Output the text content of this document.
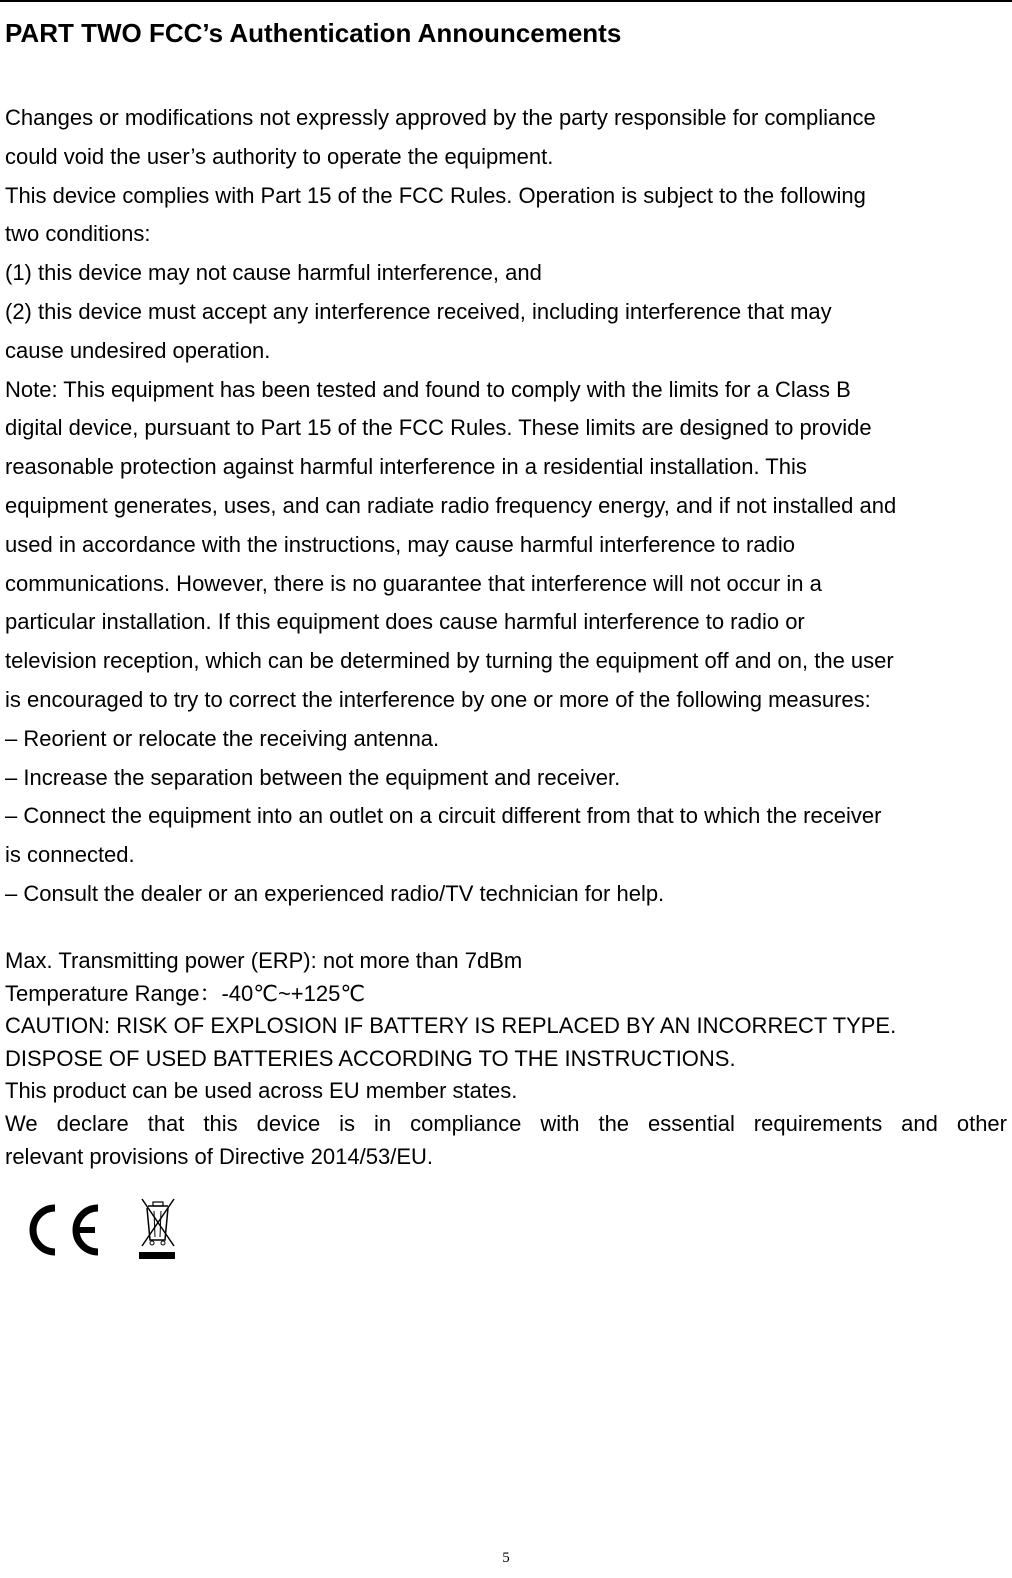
PART TWO FCC’s Authentication Announcements

Changes or modifications not expressly approved by the party responsible for compliance

could void the user’s authority to operate the equipment.

This device complies with Part 15 of the FCC Rules. Operation is subject to the following

two conditions:

(1) this device may not cause harmful interference, and

(2) this device must accept any interference received, including interference that may

cause undesired operation.

Note: This equipment has been tested and found to comply with the limits for a Class B

digital device, pursuant to Part 15 of the FCC Rules. These limits are designed to provide

reasonable protection against harmful interference in a residential installation. This

equipment generates, uses, and can radiate radio frequency energy, and if not installed and

used in accordance with the instructions, may cause harmful interference to radio

communications. However, there is no guarantee that interference will not occur in a

particular installation. If this equipment does cause harmful interference to radio or

television reception, which can be determined by turning the equipment off and on, the user

is encouraged to try to correct the interference by one or more of the following measures:

– Reorient or relocate the receiving antenna.

– Increase the separation between the equipment and receiver.

– Connect the equipment into an outlet on a circuit different from that to which the receiver

is connected.

– Consult the dealer or an experienced radio/TV technician for help.

Max. Transmitting power (ERP): not more than 7dBm

Temperature Range：-40℃~+125℃

CAUTION: RISK OF EXPLOSION IF BATTERY IS REPLACED BY AN INCORRECT TYPE.

DISPOSE OF USED BATTERIES ACCORDING TO THE INSTRUCTIONS.

This product can be used across EU member states.

We declare that this device is in compliance with the essential requirements and other

relevant provisions of Directive 2014/53/EU.

5
